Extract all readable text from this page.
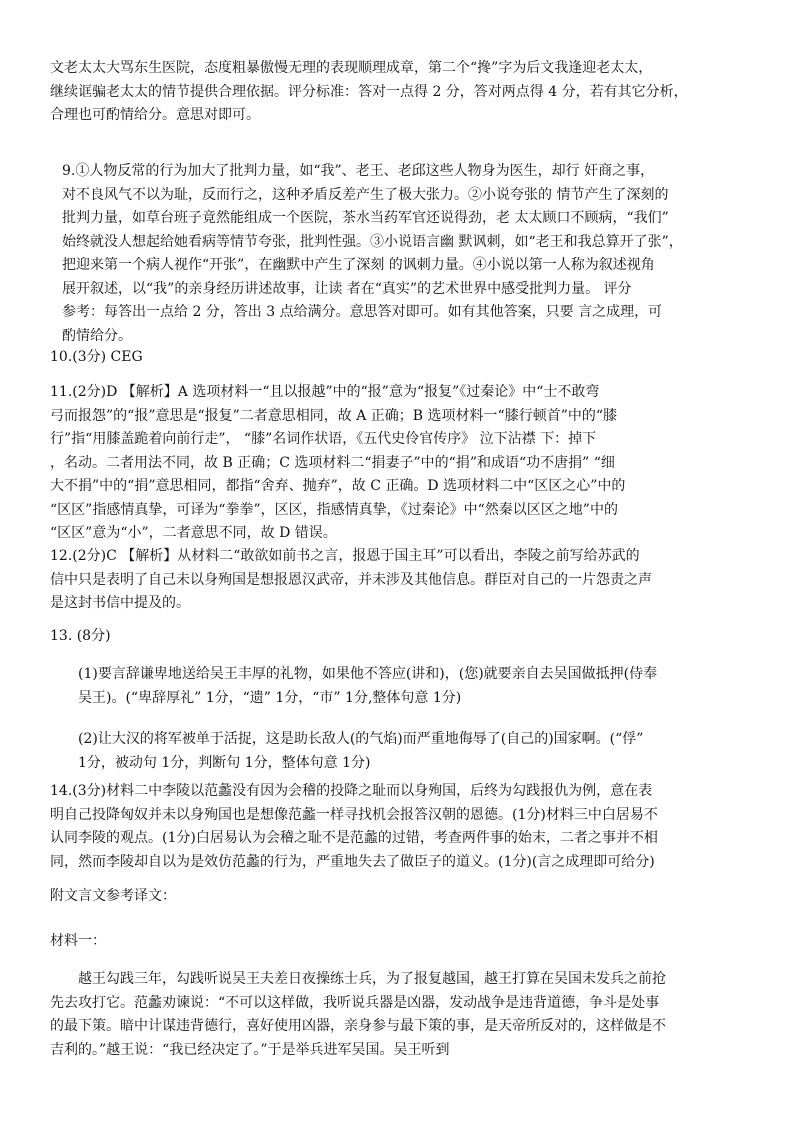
文老太太大骂东生医院，态度粗暴傲慢无理的表现顺理成章，第二个“搀”字为后文我逢迎老太太，
继续诓骗老太太的情节提供合理依据。评分标准：答对一点得 2 分，答对两点得 4 分，若有其它分析，
合理也可酌情给分。意思对即可。

9.①人物反常的行为加大了批判力量，如“我”、老王、老邱这些人物身为医生，却行 奸商之事，
对不良风气不以为耻，反而行之，这种矛盾反差产生了极大张力。②小说夸张的 情节产生了深刻的
批判力量，如草台班子竟然能组成一个医院，茶水当药军官还说得劲，老 太太顾口不顾病，“我们”
始终就没人想起给她看病等情节夸张，批判性强。③小说语言幽 默讽刺，如“老王和我总算开了张”，
把迎来第一个病人视作“开张”，在幽默中产生了深刻 的讽刺力量。④小说以第一人称为叙述视角
展开叙述，以“我”的亲身经历讲述故事，让读 者在“真实”的艺术世界中感受批判力量。 评分
参考：每答出一点给 2 分，答出 3 点给满分。意思答对即可。如有其他答案，只要 言之成理，可
酌情给分。

10.(3分) CEG

11.(2分)D 【解析】A 选项材料一“且以报越”中的“报”意为“报复”《过秦论》中“士不敢弯
弓而报怨”的“报”意思是“报复”二者意思相同，故 A 正确；B 选项材料一“膝行顿首”中的“膝
行”指“用膝盖跪着向前行走”， “膝”名词作状语，《五代史伶官传序》 泣下沾襟 下：掉下
，名动。二者用法不同，故 B 正确；C 选项材料二“捐妻子”中的“捐”和成语“功不唐捐” “细
大不捐”中的“捐”意思相同，都指“舍弃、抛弃”，故 C 正确。D 选项材料二中“区区之心”中的
“区区”指感情真挚，可译为“拳拳”，区区，指感情真挚，《过秦论》中“然秦以区区之地”中的
“区区”意为“小”，二者意思不同，故 D 错误。

12.(2分)C 【解析】从材料二“敢欲如前书之言，报恩于国主耳”可以看出，李陵之前写给苏武的
信中只是表明了自己未以身殉国是想报恩汉武帝，并未涉及其他信息。群臣对自己的一片怨责之声
是这封书信中提及的。

13. (8分)

(1)要言辞谦卑地送给吴王丰厚的礼物，如果他不答应(讲和)，(您)就要亲自去吴国做抵押(侍奉
吴王)。(“卑辞厚礼” 1分，“遗” 1分，“市” 1分,整体句意 1分)

(2)让大汉的将军被单于活捉，这是助长敌人(的气焰)而严重地侮辱了(自己的)国家啊。(“俘”
1分，被动句 1分，判断句 1分，整体句意 1分)

14.(3分)材料二中李陵以范蠡没有因为会稽的投降之耻而以身殉国，后终为勾践报仇为例，意在表
明自己投降匈奴并未以身殉国也是想像范蠡一样寻找机会报答汉朝的恩德。(1分)材料三中白居易不
认同李陵的观点。(1分)白居易认为会稽之耻不是范蠡的过错，考查两件事的始末，二者之事并不相
同，然而李陵却自以为是效仿范蠡的行为，严重地失去了做臣子的道义。(1分)(言之成理即可给分)

附文言文参考译文：

材料一：

越王勾践三年，勾践听说吴王夫差日夜操练士兵，为了报复越国，越王打算在吴国未发兵之前抢
先去攻打它。范蠡劝谏说：“不可以这样做，我听说兵器是凶器，发动战争是违背道德，争斗是处事
的最下策。暗中计谋违背德行，喜好使用凶器，亲身参与最下策的事，是天帝所反对的，这样做是不
吉利的。”越王说：“我已经决定了。”于是举兵进军吴国。吴王听到
